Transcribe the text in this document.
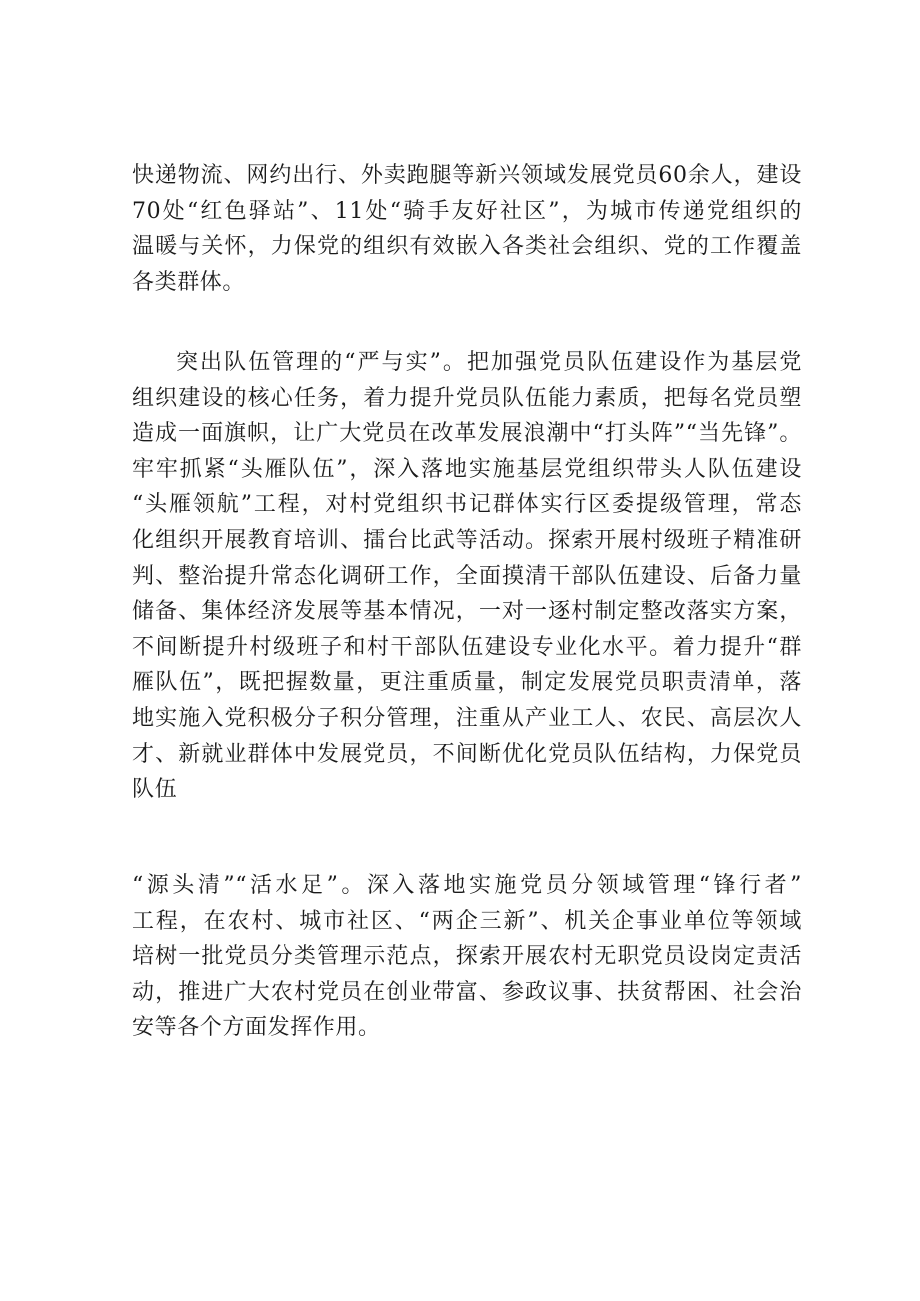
快递物流、网约出行、外卖跑腿等新兴领域发展党员60余人，建设
70处“红色驿站”、11处“骑手友好社区”，为城市传递党组织的
温暖与关怀，力保党的组织有效嵌入各类社会组织、党的工作覆盖
各类群体。
突出队伍管理的“严与实”。把加强党员队伍建设作为基层党
组织建设的核心任务，着力提升党员队伍能力素质，把每名党员塑
造成一面旗帜，让广大党员在改革发展浪潮中“打头阵”“当先锋”。
牢牢抓紧“头雁队伍”，深入落地实施基层党组织带头人队伍建设
“头雁领航”工程，对村党组织书记群体实行区委提级管理，常态
化组织开展教育培训、擂台比武等活动。探索开展村级班子精准研
判、整治提升常态化调研工作，全面摸清干部队伍建设、后备力量
储备、集体经济发展等基本情况，一对一逐村制定整改落实方案，
不间断提升村级班子和村干部队伍建设专业化水平。着力提升“群
雁队伍”，既把握数量，更注重质量，制定发展党员职责清单，落
地实施入党积极分子积分管理，注重从产业工人、农民、高层次人
才、新就业群体中发展党员，不间断优化党员队伍结构，力保党员
队伍
“源头清”“活水足”。深入落地实施党员分领域管理“锋行者”
工程，在农村、城市社区、“两企三新”、机关企事业单位等领域
培树一批党员分类管理示范点，探索开展农村无职党员设岗定责活
动，推进广大农村党员在创业带富、参政议事、扶贫帮困、社会治
安等各个方面发挥作用。
